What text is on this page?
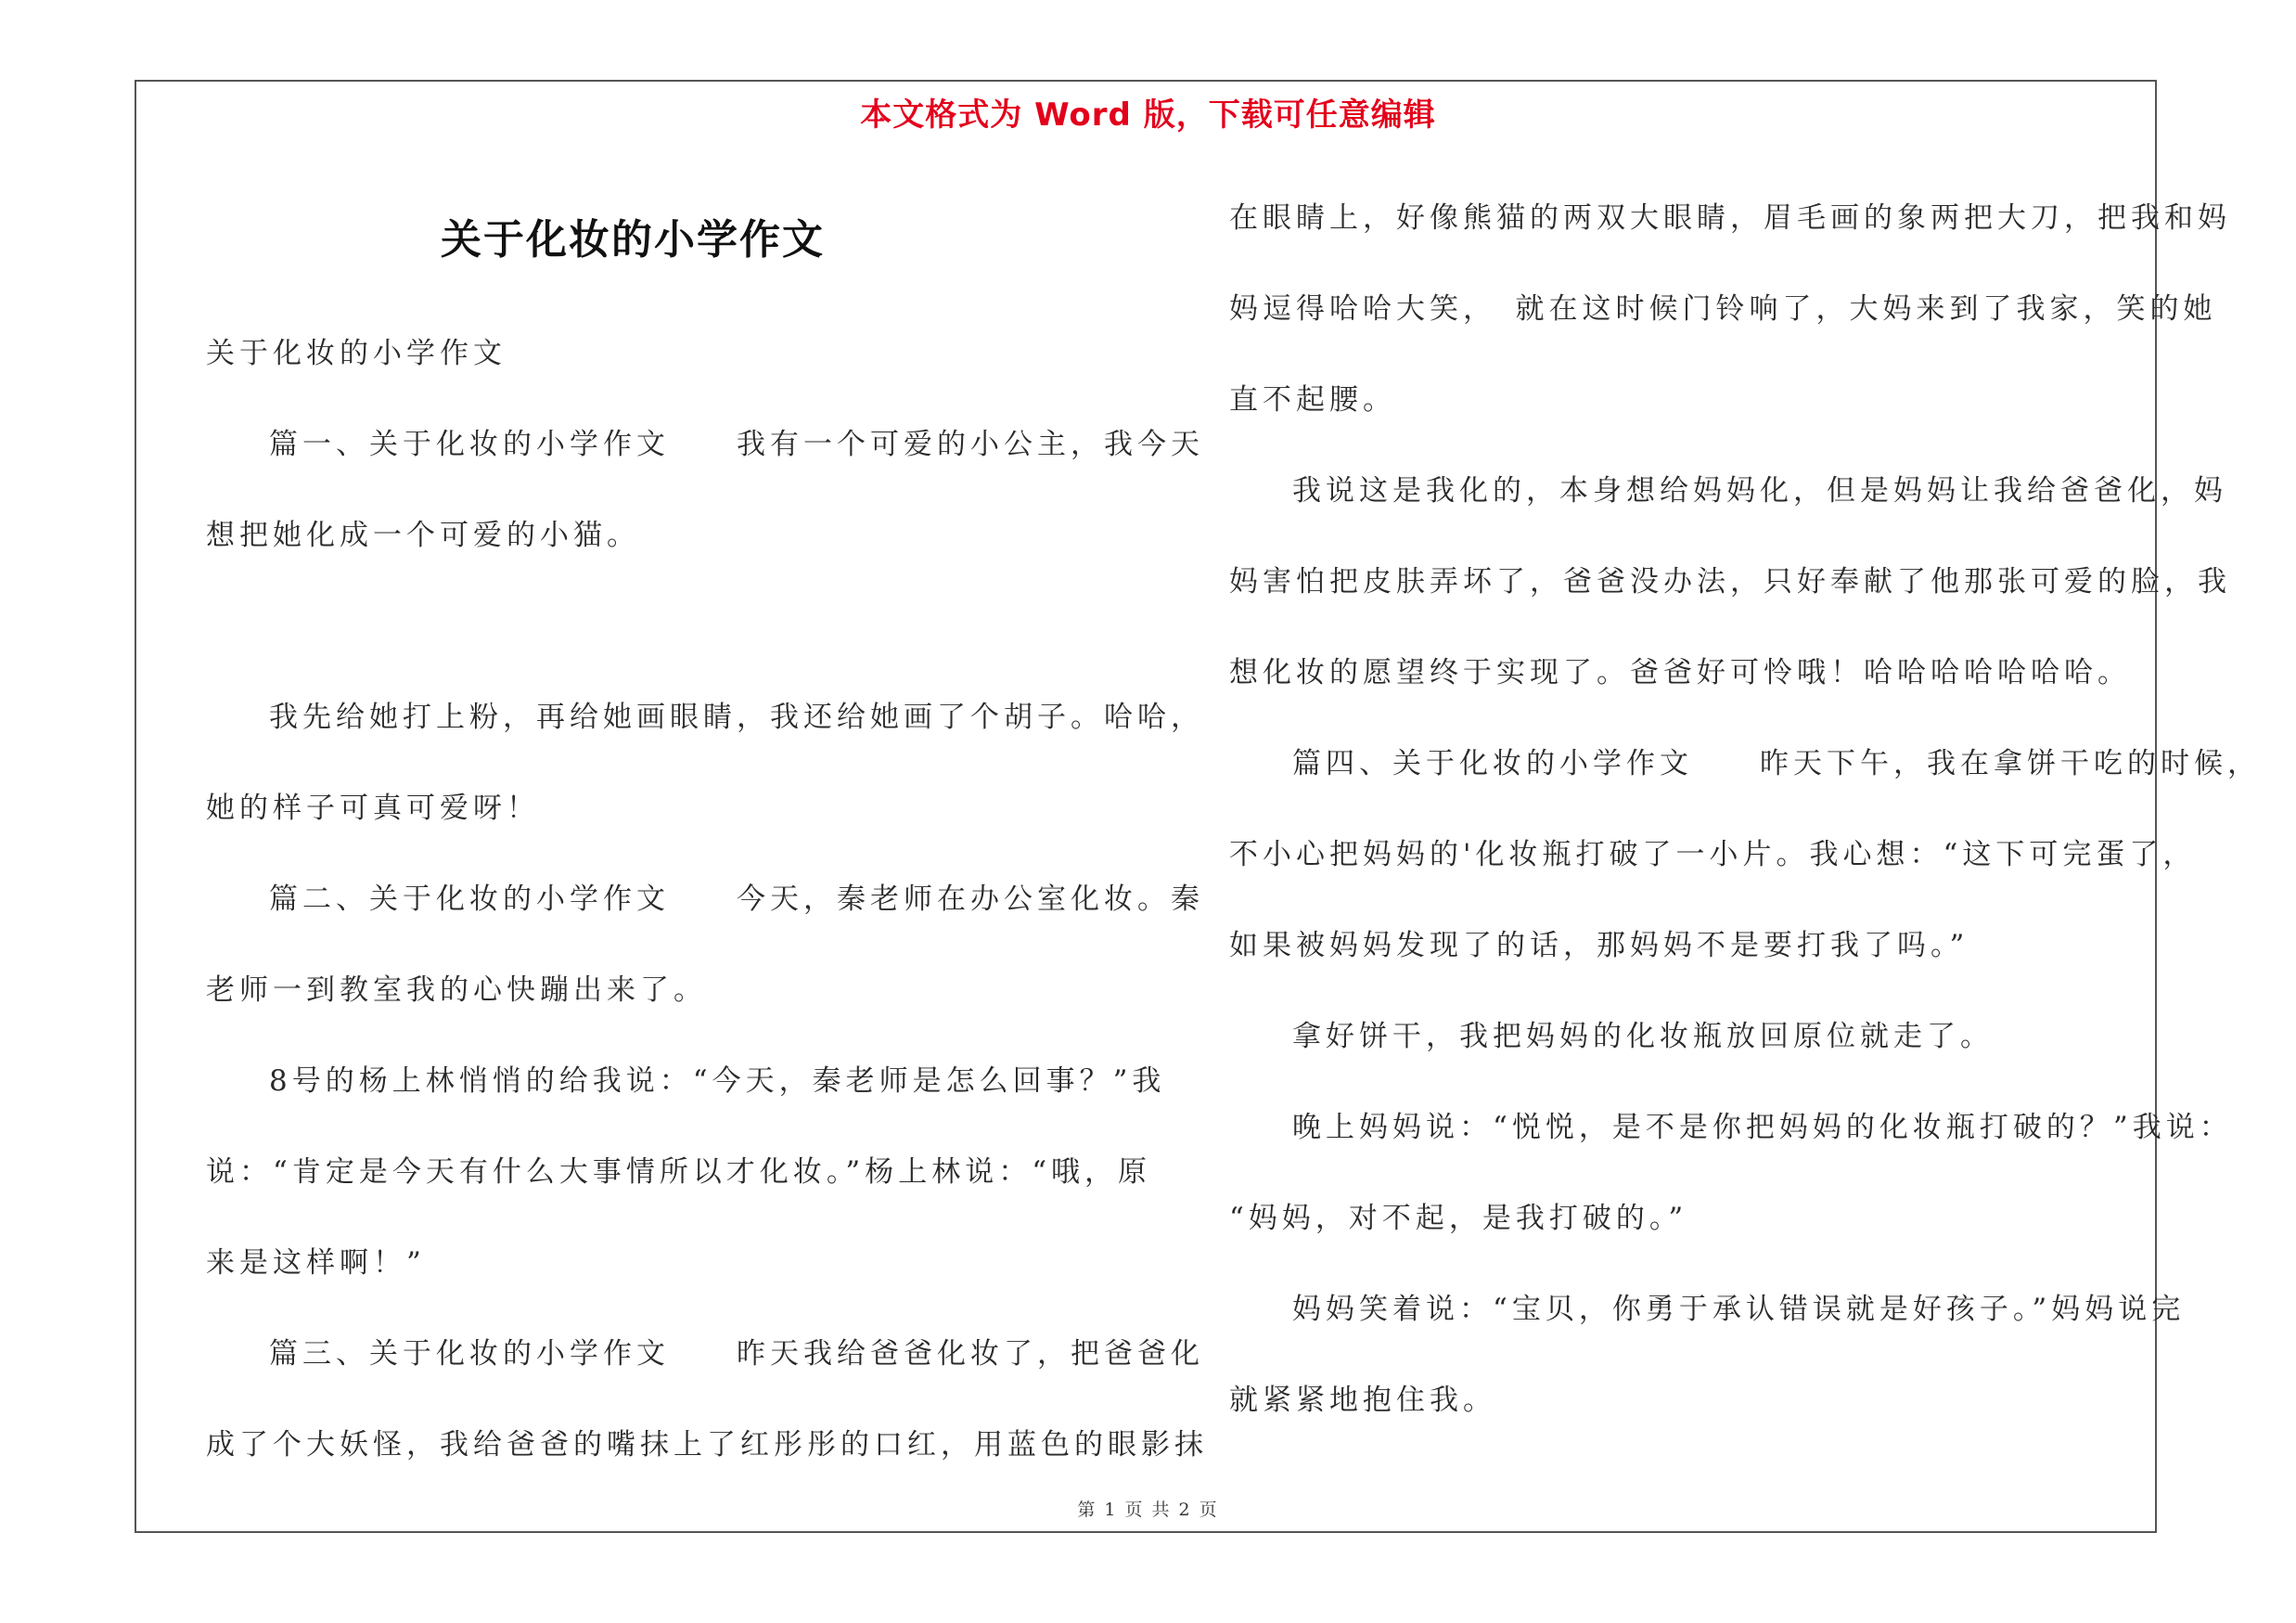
本文格式为 Word 版，下载可任意编辑
关于化妆的小学作文
关于化妆的小学作文
篇一、关于化妆的小学作文　　我有一个可爱的小公主，我今天
想把她化成一个可爱的小猫。
我先给她打上粉，再给她画眼睛，我还给她画了个胡子。哈哈，
她的样子可真可爱呀！
篇二、关于化妆的小学作文　　今天，秦老师在办公室化妆。秦
老师一到教室我的心快蹦出来了。
8号的杨上林悄悄的给我说：“今天，秦老师是怎么回事？”我
说：“肯定是今天有什么大事情所以才化妆。”杨上林说：“哦，原
来是这样啊！”
篇三、关于化妆的小学作文　　昨天我给爸爸化妆了，把爸爸化
成了个大妖怪，我给爸爸的嘴抹上了红彤彤的口红，用蓝色的眼影抹
在眼睛上，好像熊猫的两双大眼睛，眉毛画的象两把大刀，把我和妈
妈逗得哈哈大笑，　就在这时候门铃响了，大妈来到了我家，笑的她
直不起腰。
我说这是我化的，本身想给妈妈化，但是妈妈让我给爸爸化，妈
妈害怕把皮肤弄坏了，爸爸没办法，只好奉献了他那张可爱的脸，我
想化妆的愿望终于实现了。爸爸好可怜哦！哈哈哈哈哈哈哈。
篇四、关于化妆的小学作文　　昨天下午，我在拿饼干吃的时候，
不小心把妈妈的'化妆瓶打破了一小片。我心想：“这下可完蛋了，
如果被妈妈发现了的话，那妈妈不是要打我了吗。”
拿好饼干，我把妈妈的化妆瓶放回原位就走了。
晚上妈妈说：“悦悦，是不是你把妈妈的化妆瓶打破的？”我说：
“妈妈，对不起，是我打破的。”
妈妈笑着说：“宝贝，你勇于承认错误就是好孩子。”妈妈说完
就紧紧地抱住我。
第 1 页 共 2 页
